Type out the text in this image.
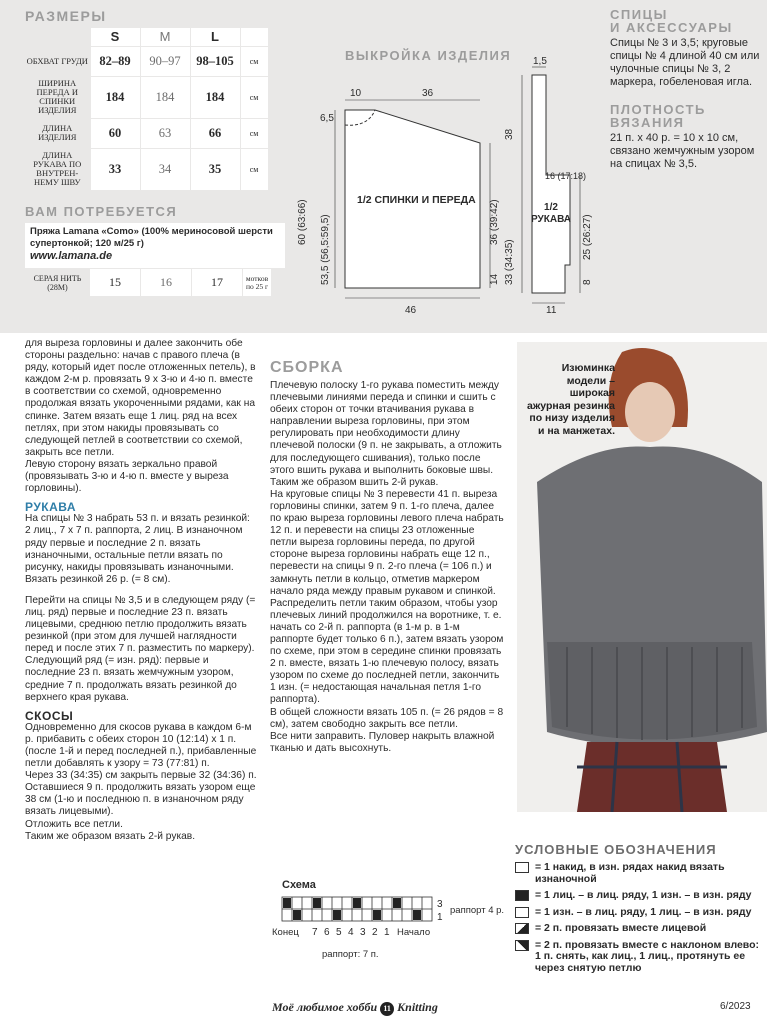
РАЗМЕРЫ
	S	M	L	
ОБХВАТ ГРУДИ	82–89	90–97	98–105	см
ШИРИНА ПЕРЕДА И СПИНКИ ИЗДЕЛИЯ	184	184	184	см
ДЛИНА ИЗДЕЛИЯ	60	63	66	см
ДЛИНА РУКАВА ПО ВНУТРЕН-НЕМУ ШВУ	33	34	35	см
ВАМ ПОТРЕБУЕТСЯ
Пряжа Lamana «Como» (100% мериносовой шерсти супертонкой; 120 м/25 г)
www.lamana.de
СЕРАЯ НИТЬ (28М)	15	16	17	мотков по 25 г
ВЫКРОЙКА ИЗДЕЛИЯ
10	36
6,5
60 (63:66) 53,5 (56,5:59,5)	36 (39:42)
14
46
1/2 СПИНКИ И ПЕРЕДА
1,5
38
16 (17:18)
33 (34:35)
25 (26:27)
8
11
1/2
РУКАВА
СПИЦЫ
И АКСЕССУАРЫ

Спицы № 3 и 3,5; круговые спицы № 4 длиной 40 см или чулочные спицы № 3, 2 маркера, гобеленовая игла.

ПЛОТНОСТЬ
ВЯЗАНИЯ

21 п. x 40 р. = 10 x 10 см, связано жемчужным узором на спицах № 3,5.

для выреза горловины и далее закончить обе стороны раздельно: начав с правого плеча (в ряду, который идет после отложенных петель), в каждом 2-м р. провязать 9 x 3-ю и 4-ю п. вместе в соответствии со схемой, одновременно продолжая вязать укороченными рядами, как на спинке. Затем вязать еще 1 лиц. ряд на всех петлях, при этом накиды провязывать со следующей петлей в соответствии со схемой, закрыть все петли.

Левую сторону вязать зеркально правой (провязывать 3-ю и 4-ю п. вместе у выреза горловины).

РУКАВА

На спицы № 3 набрать 53 п. и вязать резинкой: 2 лиц., 7 x 7 п. раппорта, 2 лиц. В изнаночном ряду первые и последние 2 п. вязать изнаночными, остальные петли вязать по рисунку, накиды провязывать изнаночными. Вязать резинкой 26 р. (= 8 см).

Перейти на спицы № 3,5 и в следующем ряду (= лиц. ряд) первые и последние 23 п. вязать лицевыми, среднюю петлю продолжить вязать резинкой (при этом для лучшей наглядности перед и после этих 7 п. разместить по маркеру).

Следующий ряд (= изн. ряд): первые и последние 23 п. вязать жемчужным узором, средние 7 п. продолжать вязать резинкой до верхнего края рукава.

СКОСЫ

Одновременно для скосов рукава в каждом 6-м р. прибавить с обеих сторон 10 (12:14) x 1 п. (после 1-й и перед последней п.), прибавленные петли добавлять к узору = 73 (77:81) п.

Через 33 (34:35) см закрыть первые 32 (34:36) п.

Оставшиеся 9 п. продолжить вязать узором еще 38 см (1-ю и последнюю п. в изнаночном ряду вязать лицевыми).

Отложить все петли.

Таким же образом вязать 2-й рукав.

СБОРКА

Плечевую полоску 1-го рукава поместить между плечевыми линиями переда и спинки и сшить с обеих сторон от точки втачивания рукава в направлении выреза горловины, при этом регулировать при необходимости длину плечевой полоски (9 п. не закрывать, а отложить для последующего сшивания), только после этого вшить рукава и выполнить боковые швы. Таким же образом вшить 2-й рукав.

На круговые спицы № 3 перевести 41 п. выреза горловины спинки, затем 9 п. 1-го плеча, далее по краю выреза горловины левого плеча набрать 12 п. и перевести на спицы 23 отложенные петли выреза горловины переда, по другой стороне выреза горловины набрать еще 12 п., перевести на спицы 9 п. 2-го плеча (= 106 п.) и замкнуть петли в кольцо, отметив маркером начало ряда между правым рукавом и спинкой.

Распределить петли таким образом, чтобы узор плечевых линий продолжился на воротнике, т. е. начать со 2-й п. раппорта (в 1-м р. в 1-м раппорте будет только 6 п.), затем вязать узором по схеме, при этом в середине спинки провязать 2 п. вместе, вязать 1-ю плечевую полосу, вязать узором по схеме до последней петли, закончить 1 изн. (= недостающая начальная петля 1-го раппорта).

В общей сложности вязать 105 п. (= 26 рядов = 8 см), затем свободно закрыть все петли.

Все нити заправить. Пуловер накрыть влажной тканью и дать высохнуть.

Изюминка модели – широкая ажурная резинка по низу изделия и на манжетах.
Схема
3
1
раппорт 4 р.
Конец 7 6 5 4 3 2 1 Начало
раппорт: 7 п.
УСЛОВНЫЕ ОБОЗНАЧЕНИЯ
= 1 накид, в изн. рядах накид вязать изнаночной
= 1 лиц. – в лиц. ряду, 1 изн. – в изн. ряду
= 1 изн. – в лиц. ряду, 1 лиц. – в изн. ряду
= 2 п. провязать вместе лицевой
= 2 п. провязать вместе с наклоном влево: 1 п. снять, как лиц., 1 лиц., протянуть ее через снятую петлю
Моё любимое хобби 11 Knitting	6/2023
